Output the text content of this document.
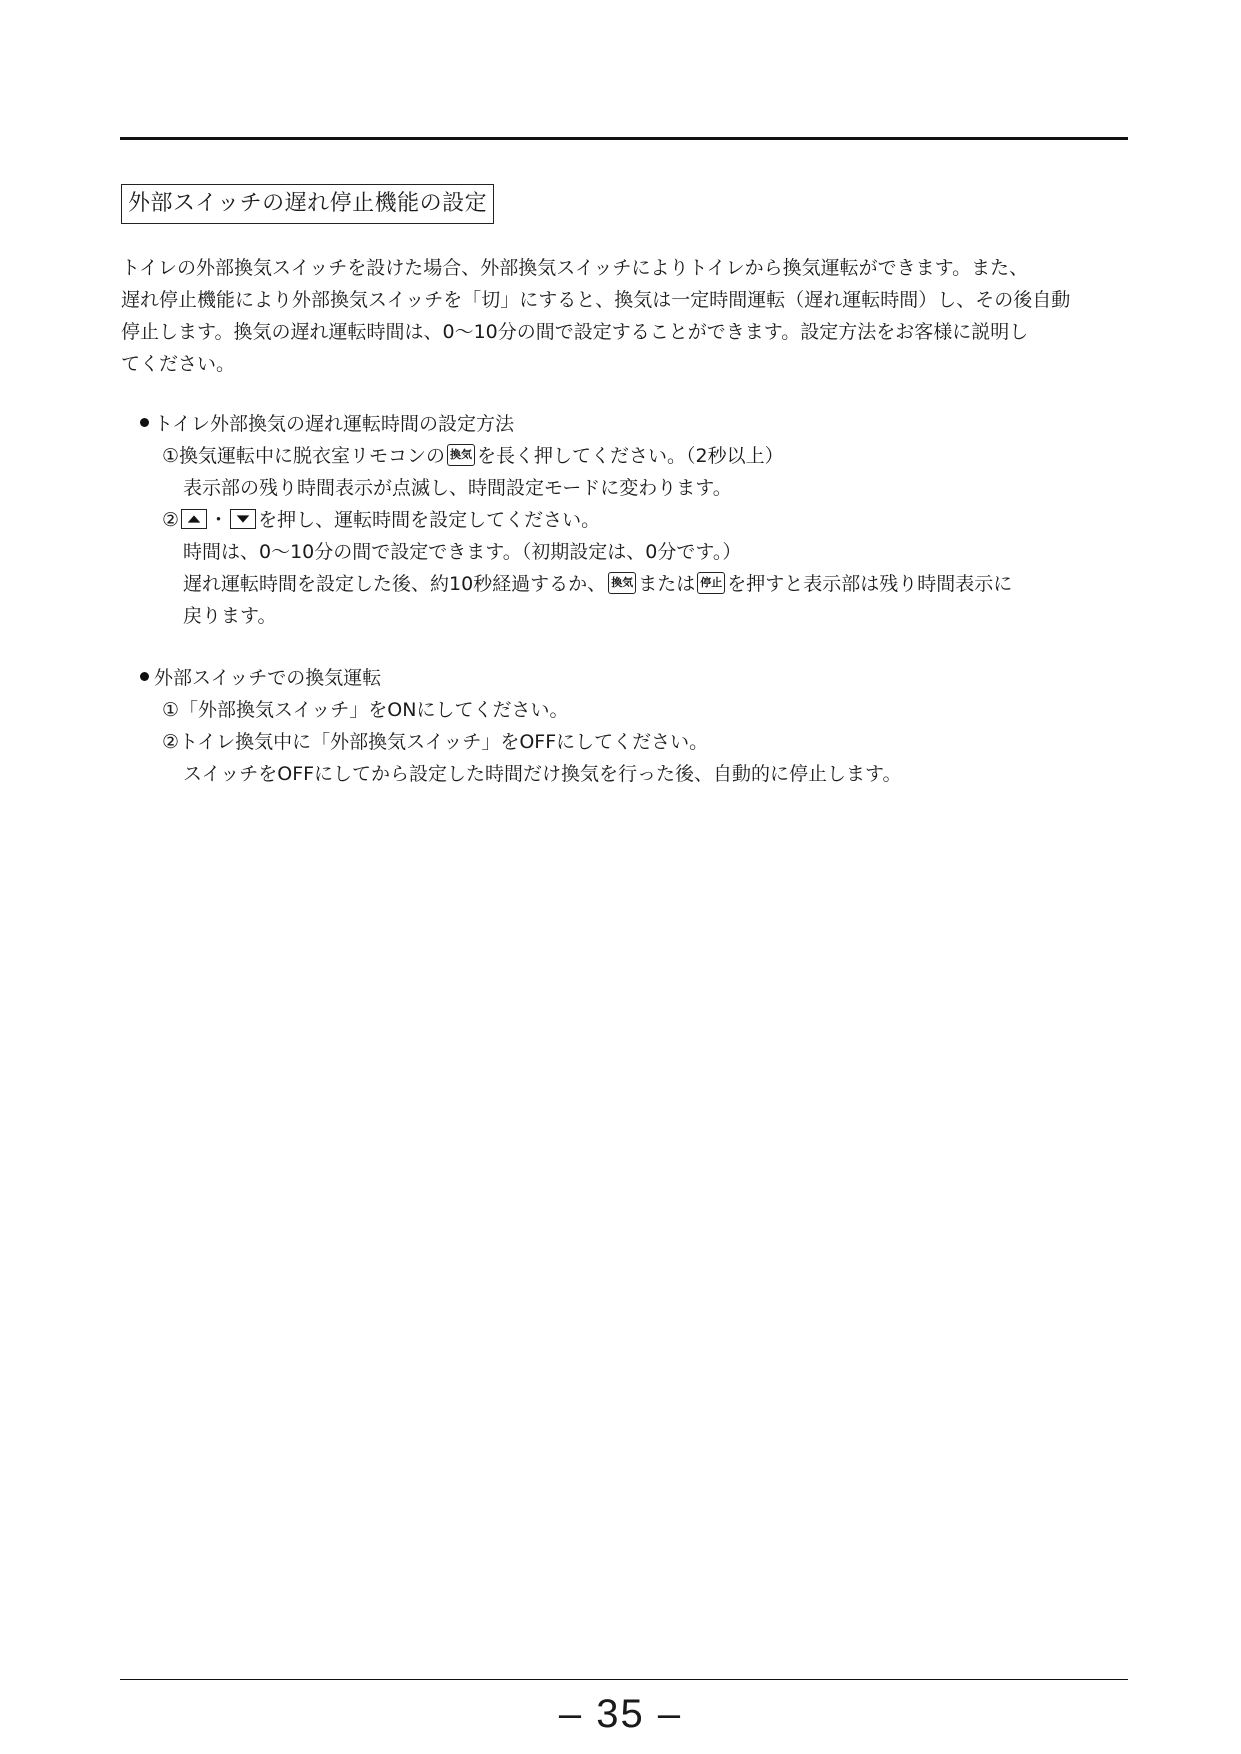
外部スイッチの遅れ停止機能の設定
トイレの外部換気スイッチを設けた場合、外部換気スイッチによりトイレから換気運転ができます。また、
遅れ停止機能により外部換気スイッチを「切」にすると、換気は一定時間運転（遅れ運転時間）し、その後自動
停止します。換気の遅れ運転時間は、0〜10分の間で設定することができます。設定方法をお客様に説明し
てください。
トイレ外部換気の遅れ運転時間の設定方法
①換気運転中に脱衣室リモコンの 換気 を長く押してください。（2秒以上）
表示部の残り時間表示が点滅し、時間設定モードに変わります。
② ・ を押し、運転時間を設定してください。
時間は、0〜10分の間で設定できます。（初期設定は、0分です。）
遅れ運転時間を設定した後、約10秒経過するか、 換気 または 停止 を押すと表示部は残り時間表示に
戻ります。
外部スイッチでの換気運転
①「外部換気スイッチ」をONにしてください。
②トイレ換気中に「外部換気スイッチ」をOFFにしてください。
スイッチをOFFにしてから設定した時間だけ換気を行った後、自動的に停止します。
– 35 –
